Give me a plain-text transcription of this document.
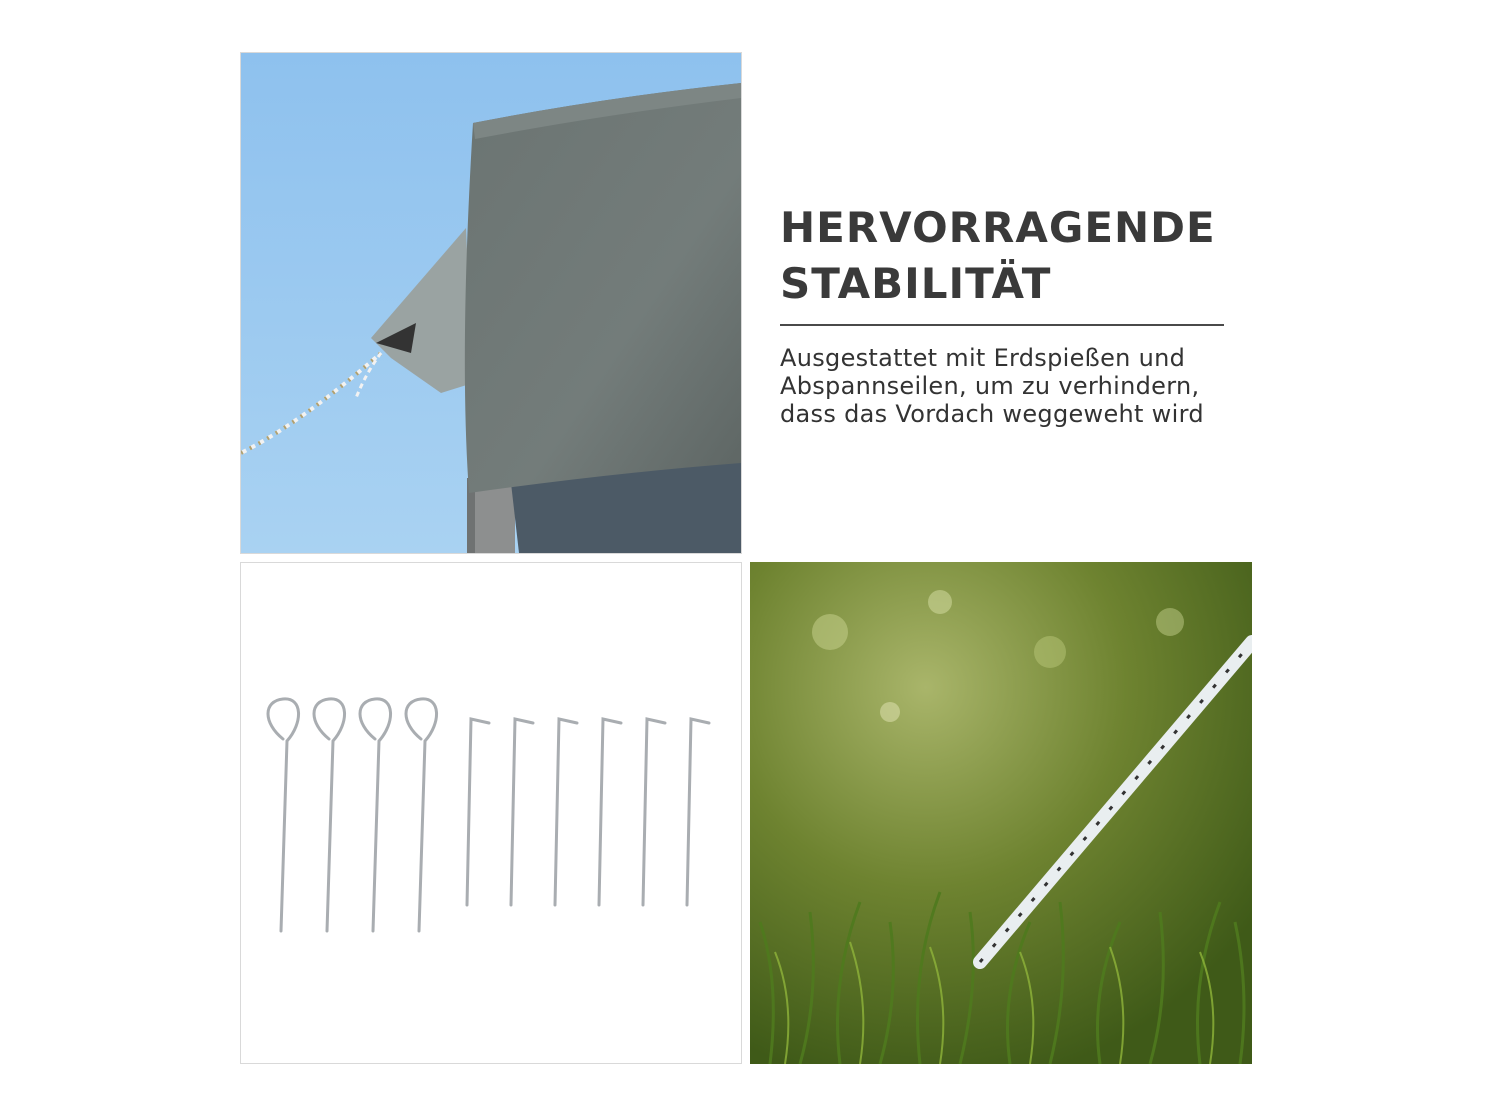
HERVORRAGENDE
STABILITÄT
Ausgestattet mit Erdspießen und
Abspannseilen, um zu verhindern,
dass das Vordach weggeweht wird
